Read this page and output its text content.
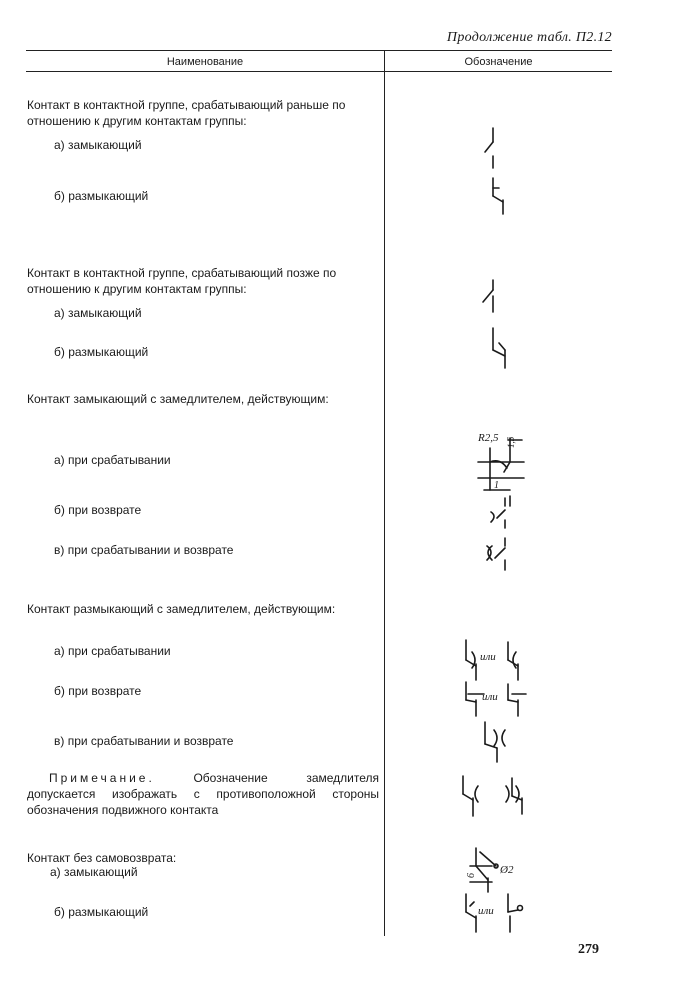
Продолжение табл. П2.12
Наименование	Обозначение
Контакт в контактной группе, срабатывающий раньше по отношению к другим контактам группы:
а) замыкающий
б) размыкающий
Контакт в контактной группе, срабатывающий позже по отношению к другим контактам группы:
а) замыкающий
б) размыкающий
Контакт замыкающий с замедлителем, действующим:
а) при срабатывании
б) при возврате
в) при срабатывании и возврате
Контакт размыкающий с замедлителем, действующим:
а) при срабатывании
б) при возврате
в) при срабатывании и возврате
Примечание.	Обозначение замедлителя допускается изображать с противоположной стороны обозначения подвижного контакта
Контакт без самовозврата:
а) замыкающий
б) размыкающий
R2,5 1,5
1
или
или
или
Ø2
6
279
